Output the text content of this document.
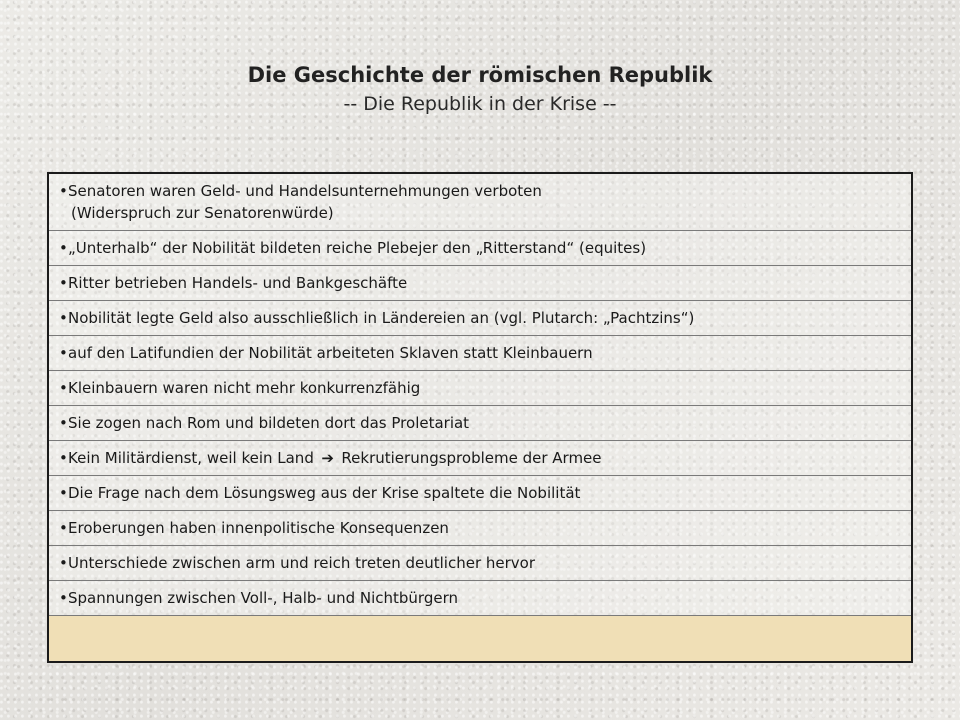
Die Geschichte der römischen Republik
-- Die Republik in der Krise --
•Senatoren waren Geld- und Handelsunternehmungen verboten
(Widerspruch zur Senatorenwürde)
•„Unterhalb“ der Nobilität bildeten reiche Plebejer den „Ritterstand“ (equites)
•Ritter betrieben Handels- und Bankgeschäfte
•Nobilität legte Geld also ausschließlich in Ländereien an (vgl. Plutarch: „Pachtzins“)
•auf den Latifundien der Nobilität arbeiteten Sklaven statt Kleinbauern
•Kleinbauern waren nicht mehr konkurrenzfähig
•Sie zogen nach Rom und bildeten dort das Proletariat
•Kein Militärdienst, weil kein Land ➔ Rekrutierungsprobleme der Armee
•Die Frage nach dem Lösungsweg aus der Krise spaltete die Nobilität
•Eroberungen haben innenpolitische Konsequenzen
•Unterschiede zwischen arm und reich treten deutlicher hervor
•Spannungen zwischen Voll-, Halb- und Nichtbürgern
